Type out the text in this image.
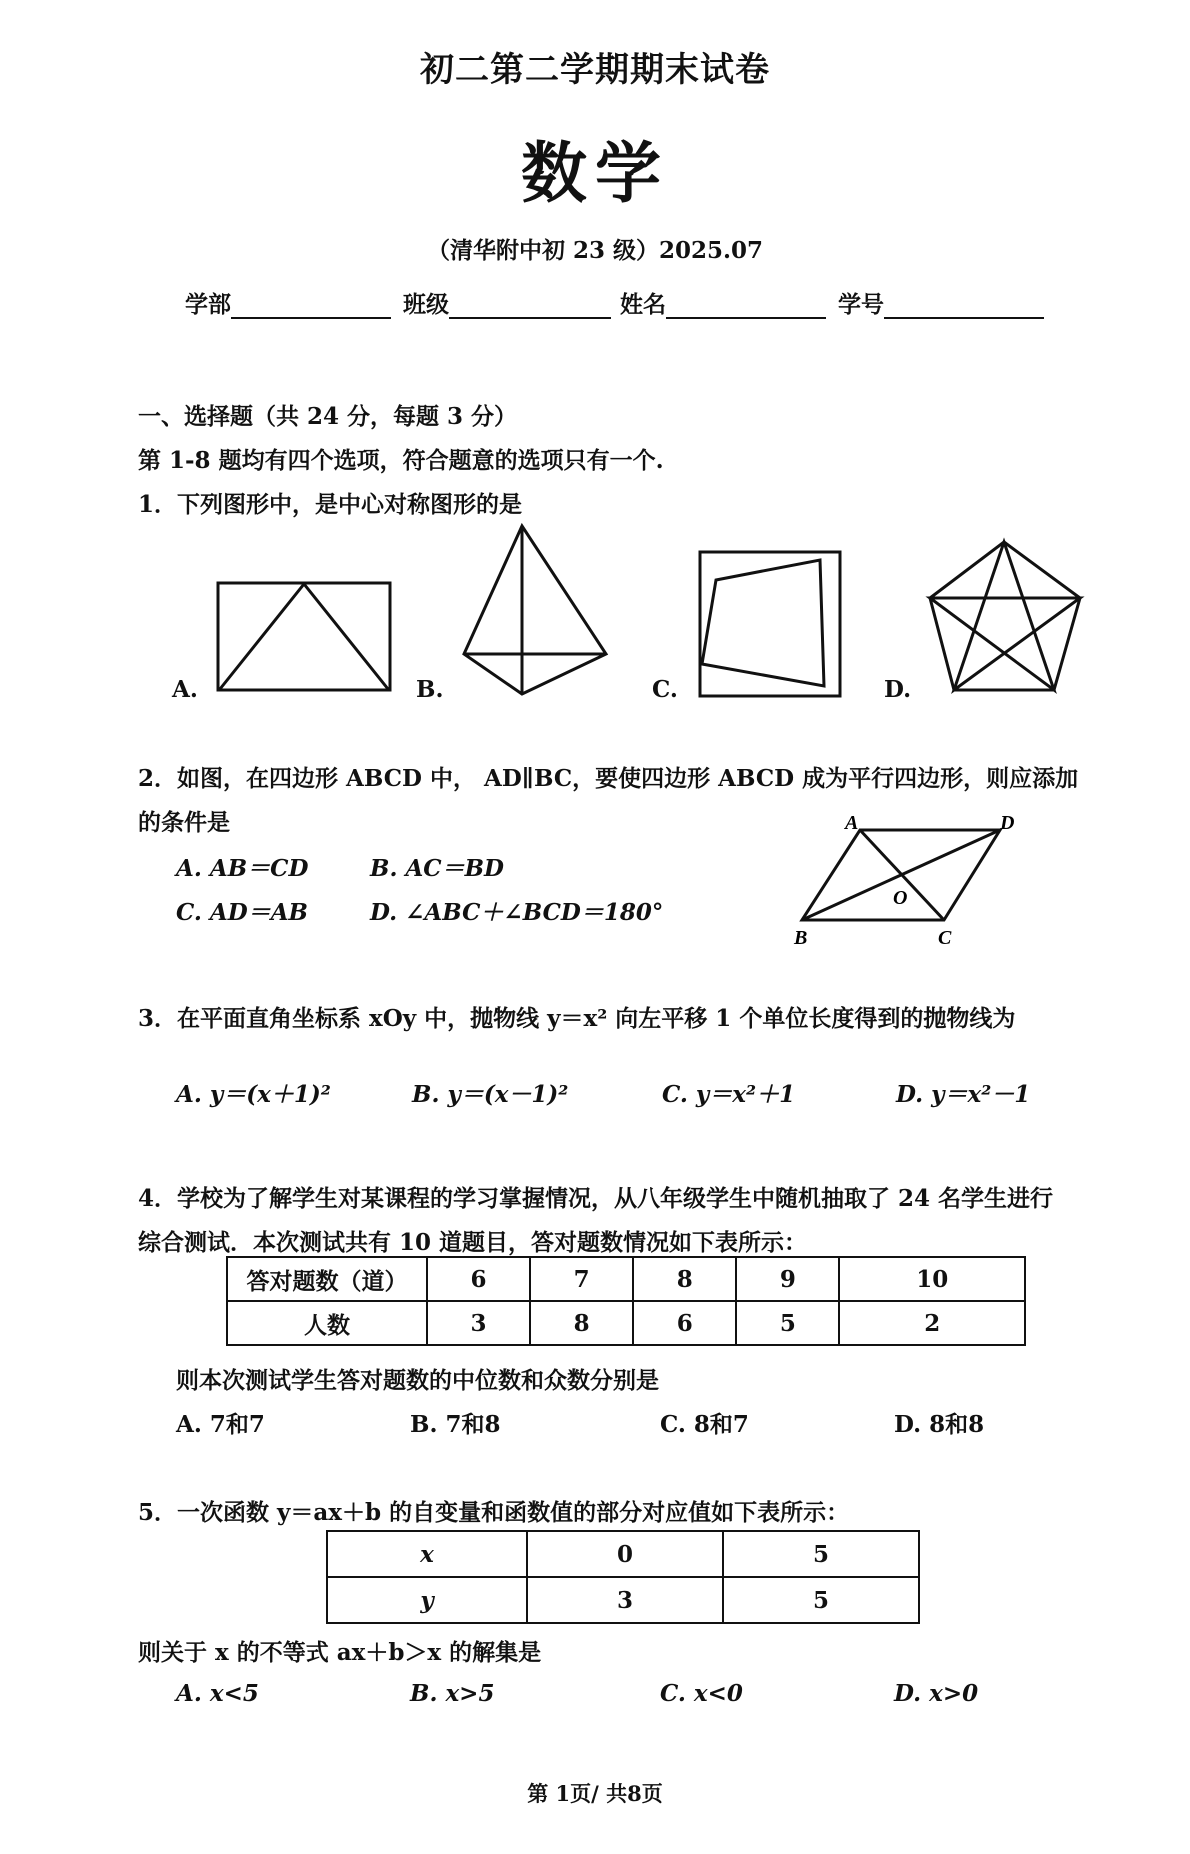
初二第二学期期末试卷
数学
（清华附中初 23 级）2025.07
学部	班级	姓名	学号
一、选择题（共 24 分，每题 3 分）
第 1-8 题均有四个选项，符合题意的选项只有一个.
1．下列图形中，是中心对称图形的是
A.	B.	C.	D.
2．如图，在四边形 ABCD 中， AD∥BC，要使四边形 ABCD 成为平行四边形，则应添加
的条件是
A. AB＝CD	B. AC＝BD
C. AD＝AB	D. ∠ABC＋∠BCD＝180°
A	D
O
B	C
3．在平面直角坐标系 xOy 中，抛物线 y＝x² 向左平移 1 个单位长度得到的抛物线为
A. y＝(x＋1)²	B. y＝(x－1)²	C. y＝x²＋1	D. y＝x²－1
4．学校为了解学生对某课程的学习掌握情况，从八年级学生中随机抽取了 24 名学生进行
综合测试．本次测试共有 10 道题目，答对题数情况如下表所示：
答对题数（道）	6	7	8	9	10
人数	3	8	6	5	2
则本次测试学生答对题数的中位数和众数分别是
A. 7和7	B. 7和8	C. 8和7	D. 8和8
5．一次函数 y＝ax＋b 的自变量和函数值的部分对应值如下表所示：
x	0	5
y	3	5
则关于 x 的不等式 ax＋b＞x 的解集是
A. x<5	B. x>5	C. x<0	D. x>0
第 1页/ 共8页
